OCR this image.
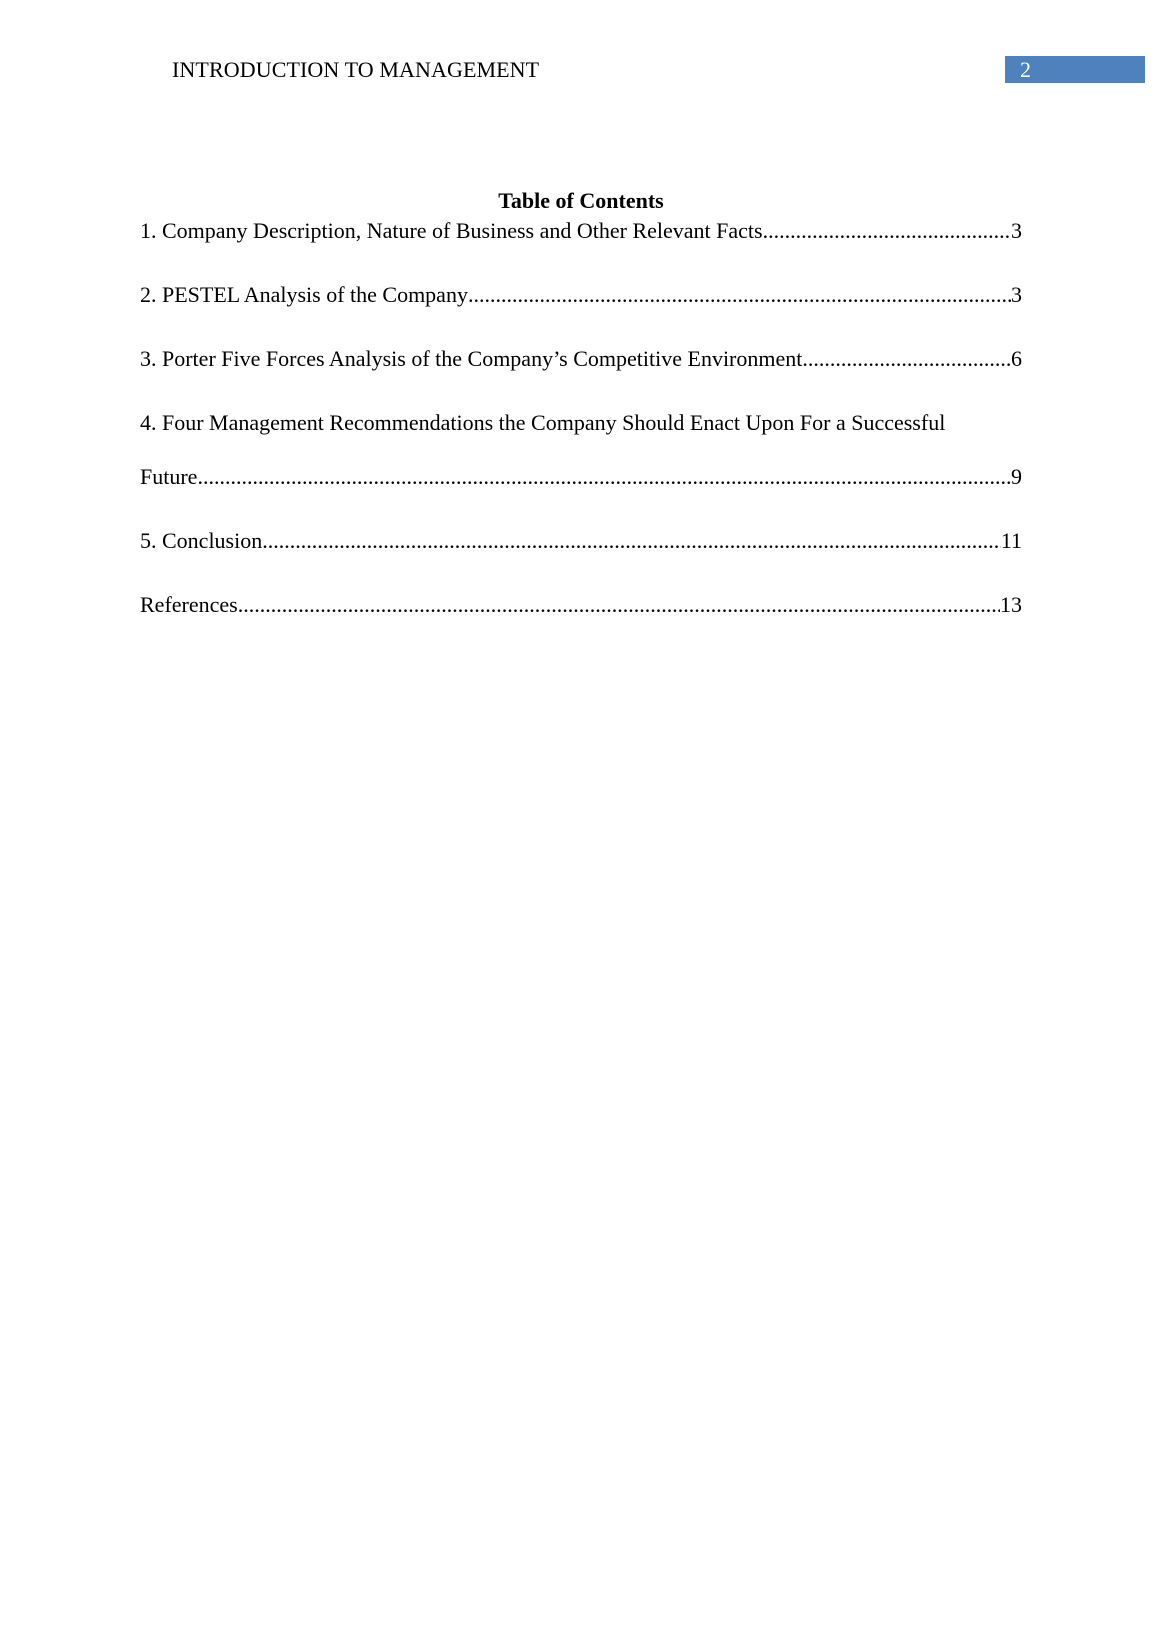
INTRODUCTION TO MANAGEMENT	2

Table of Contents

1. Company Description, Nature of Business and Other Relevant Facts .....	3
2. PESTEL Analysis of the Company .....	3
3. Porter Five Forces Analysis of the Company’s Competitive Environment .....	6
4. Four Management Recommendations the Company Should Enact Upon For a Successful
Future .....	9
5. Conclusion .....	11
References .....	13
